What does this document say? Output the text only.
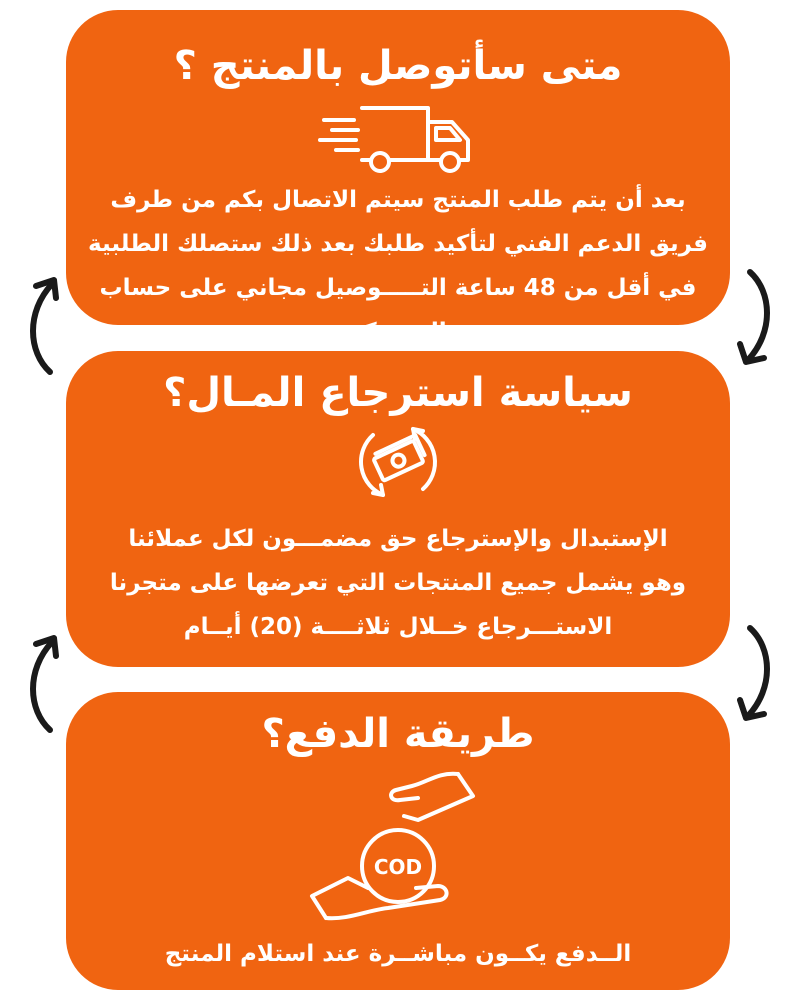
متى سأتوصل بالمنتج ؟

بعد أن يتم طلب المنتج سيتم الاتصال بكم من طرف فريق الدعم الفني لتأكيد طلبك بعد ذلك ستصلك الطلبية في أقل من 48 ساعة التـــــوصيل مجاني على حساب الشــركة

سياسة استرجاع المـال؟

الإستبدال والإسترجاع حق مضمـــون لكل عملائنا وهو يشمل جميع المنتجات التي تعرضها على متجرنا الاستـــرجاع خــلال ثلاثــــة (20) أيــام

طريقة الدفع؟
COD

الــدفع يكــون مباشــرة عند استلام المنتج
